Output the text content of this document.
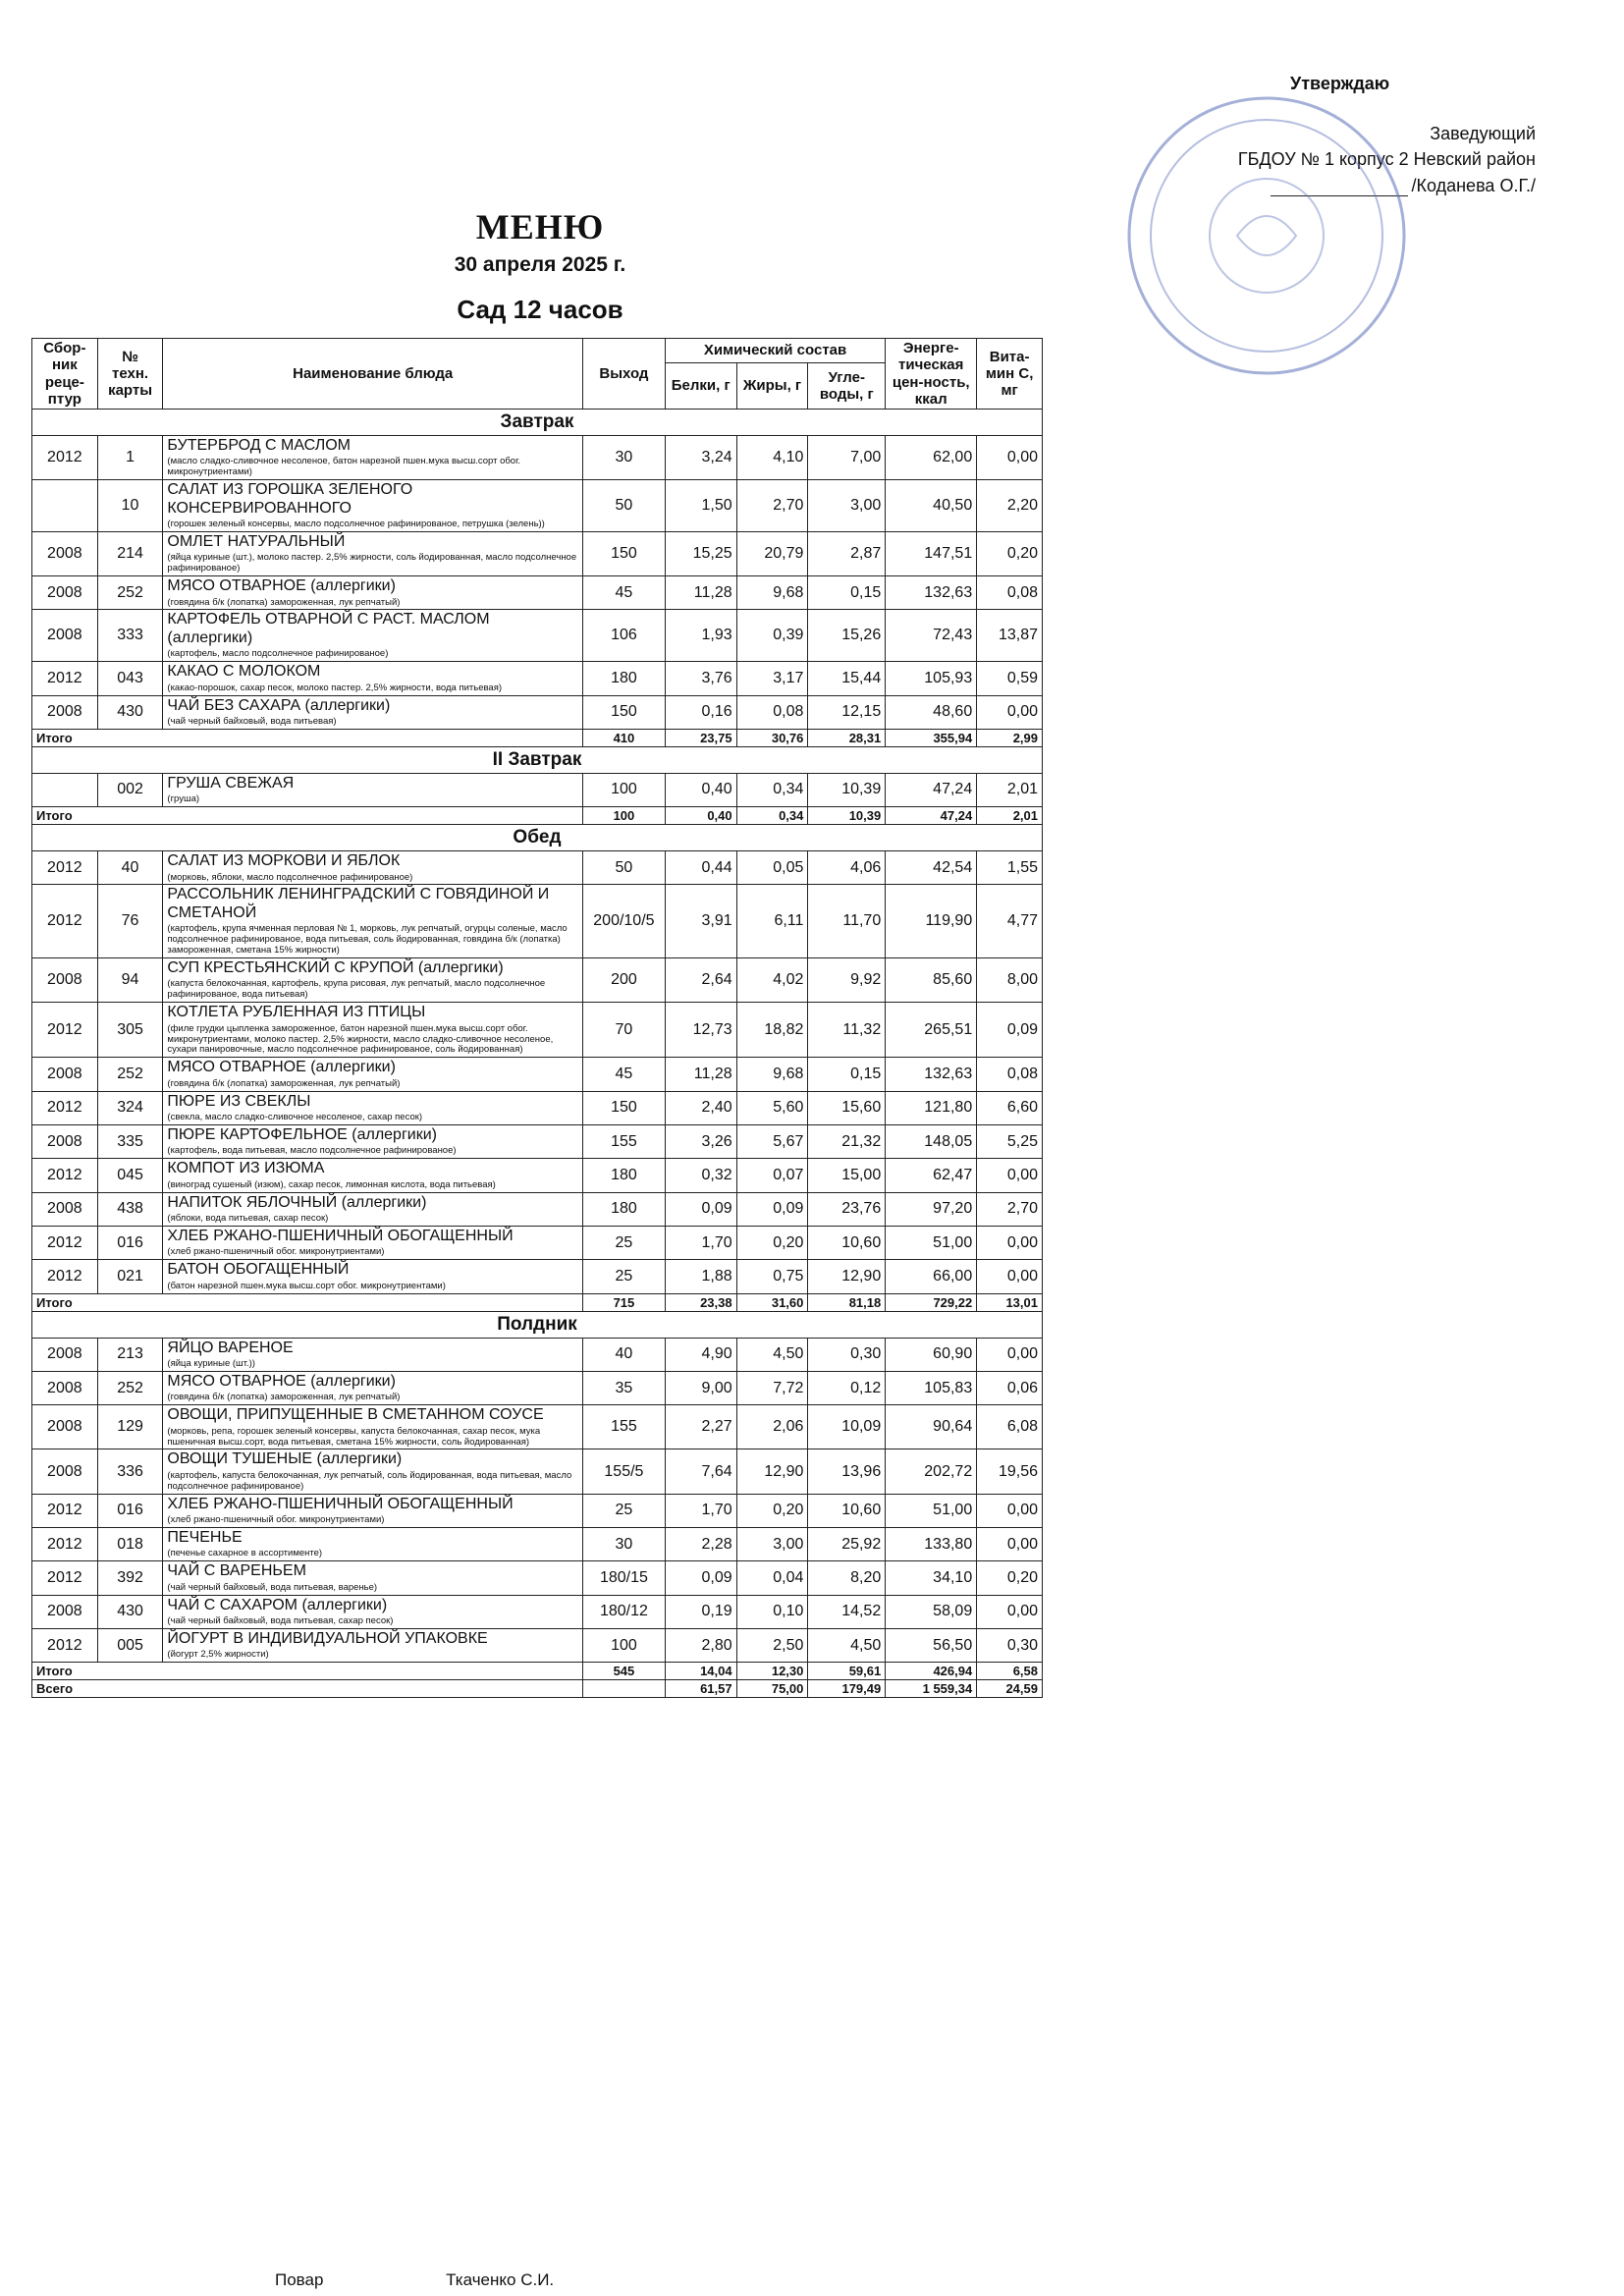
Утверждаю
Заведующий
ГБДОУ № 1 корпус 2 Невский район
/Коданева О.Г./
МЕНЮ
30 апреля 2025 г.
Сад 12 часов
Сбор-ник реце-птур	№ техн. карты	Наименование блюда	Выход	Химический состав			Энерге-тическая цен-ность, ккал	Вита-мин С, мг
				Белки, г	Жиры, г	Угле-воды, г		
Завтрак								
2012	1	БУТЕРБРОД С МАСЛОМ
(масло сладко-сливочное несоленое, батон нарезной пшен.мука высш.сорт обог. микронутриентами)	30	3,24	4,10	7,00	62,00	0,00
	10	САЛАТ ИЗ ГОРОШКА ЗЕЛЕНОГО КОНСЕРВИРОВАННОГО
(горошек зеленый консервы, масло подсолнечное рафинированое, петрушка (зелень))	50	1,50	2,70	3,00	40,50	2,20
2008	214	ОМЛЕТ НАТУРАЛЬНЫЙ
(яйца куриные (шт.), молоко пастер. 2,5% жирности, соль йодированная, масло подсолнечное рафинированое)	150	15,25	20,79	2,87	147,51	0,20
2008	252	МЯСО ОТВАРНОЕ (аллергики)
(говядина б/к (лопатка) замороженная, лук репчатый)	45	11,28	9,68	0,15	132,63	0,08
2008	333	КАРТОФЕЛЬ ОТВАРНОЙ С РАСТ. МАСЛОМ (аллергики)
(картофель, масло подсолнечное рафинированое)	106	1,93	0,39	15,26	72,43	13,87
2012	043	КАКАО С МОЛОКОМ
(какао-порошок, сахар песок, молоко пастер. 2,5% жирности, вода питьевая)	180	3,76	3,17	15,44	105,93	0,59
2008	430	ЧАЙ БЕЗ САХАРА (аллергики)
(чай черный байховый, вода питьевая)	150	0,16	0,08	12,15	48,60	0,00
Итого			410	23,75	30,76	28,31	355,94	2,99
II Завтрак								
	002	ГРУША СВЕЖАЯ
(груша)	100	0,40	0,34	10,39	47,24	2,01
Итого			100	0,40	0,34	10,39	47,24	2,01
Обед								
2012	40	САЛАТ ИЗ МОРКОВИ И ЯБЛОК
(морковь, яблоки, масло подсолнечное рафинированое)	50	0,44	0,05	4,06	42,54	1,55
2012	76	РАССОЛЬНИК ЛЕНИНГРАДСКИЙ С ГОВЯДИНОЙ И СМЕТАНОЙ
(картофель, крупа ячменная перловая № 1, морковь, лук репчатый, огурцы соленые, масло подсолнечное рафинированое, вода питьевая, соль йодированная, говядина б/к (лопатка) замороженная, сметана 15% жирности)	200/10/5	3,91	6,11	11,70	119,90	4,77
2008	94	СУП КРЕСТЬЯНСКИЙ С КРУПОЙ (аллергики)
(капуста белокочанная, картофель, крупа рисовая, лук репчатый, масло подсолнечное рафинированое, вода питьевая)	200	2,64	4,02	9,92	85,60	8,00
2012	305	КОТЛЕТА РУБЛЕННАЯ ИЗ ПТИЦЫ
(филе грудки цыпленка замороженное, батон нарезной пшен.мука высш.сорт обог. микронутриентами, молоко пастер. 2,5% жирности, масло сладко-сливочное несоленое, сухари панировочные, масло подсолнечное рафинированое, соль йодированная)	70	12,73	18,82	11,32	265,51	0,09
2008	252	МЯСО ОТВАРНОЕ (аллергики)
(говядина б/к (лопатка) замороженная, лук репчатый)	45	11,28	9,68	0,15	132,63	0,08
2012	324	ПЮРЕ ИЗ СВЕКЛЫ
(свекла, масло сладко-сливочное несоленое, сахар песок)	150	2,40	5,60	15,60	121,80	6,60
2008	335	ПЮРЕ КАРТОФЕЛЬНОЕ (аллергики)
(картофель, вода питьевая, масло подсолнечное рафинированое)	155	3,26	5,67	21,32	148,05	5,25
2012	045	КОМПОТ ИЗ ИЗЮМА
(виноград сушеный (изюм), сахар песок, лимонная кислота, вода питьевая)	180	0,32	0,07	15,00	62,47	0,00
2008	438	НАПИТОК ЯБЛОЧНЫЙ (аллергики)
(яблоки, вода питьевая, сахар песок)	180	0,09	0,09	23,76	97,20	2,70
2012	016	ХЛЕБ РЖАНО-ПШЕНИЧНЫЙ ОБОГАЩЕННЫЙ
(хлеб ржано-пшеничный обог. микронутриентами)	25	1,70	0,20	10,60	51,00	0,00
2012	021	БАТОН ОБОГАЩЕННЫЙ
(батон нарезной пшен.мука высш.сорт обог. микронутриентами)	25	1,88	0,75	12,90	66,00	0,00
Итого			715	23,38	31,60	81,18	729,22	13,01
Полдник								
2008	213	ЯЙЦО ВАРЕНОЕ
(яйца куриные (шт.))	40	4,90	4,50	0,30	60,90	0,00
2008	252	МЯСО ОТВАРНОЕ (аллергики)
(говядина б/к (лопатка) замороженная, лук репчатый)	35	9,00	7,72	0,12	105,83	0,06
2008	129	ОВОЩИ, ПРИПУЩЕННЫЕ В СМЕТАННОМ СОУСЕ
(морковь, репа, горошек зеленый консервы, капуста белокочанная, сахар песок, мука пшеничная высш.сорт, вода питьевая, сметана 15% жирности, соль йодированная)	155	2,27	2,06	10,09	90,64	6,08
2008	336	ОВОЩИ ТУШЕНЫЕ (аллергики)
(картофель, капуста белокочанная, лук репчатый, соль йодированная, вода питьевая, масло подсолнечное рафинированое)	155/5	7,64	12,90	13,96	202,72	19,56
2012	016	ХЛЕБ РЖАНО-ПШЕНИЧНЫЙ ОБОГАЩЕННЫЙ
(хлеб ржано-пшеничный обог. микронутриентами)	25	1,70	0,20	10,60	51,00	0,00
2012	018	ПЕЧЕНЬЕ
(печенье сахарное в ассортименте)	30	2,28	3,00	25,92	133,80	0,00
2012	392	ЧАЙ С ВАРЕНЬЕМ
(чай черный байховый, вода питьевая, варенье)	180/15	0,09	0,04	8,20	34,10	0,20
2008	430	ЧАЙ С САХАРОМ (аллергики)
(чай черный байховый, вода питьевая, сахар песок)	180/12	0,19	0,10	14,52	58,09	0,00
2012	005	ЙОГУРТ В ИНДИВИДУАЛЬНОЙ УПАКОВКЕ
(йогурт 2,5% жирности)	100	2,80	2,50	4,50	56,50	0,30
Итого			545	14,04	12,30	59,61	426,94	6,58
Всего				61,57	75,00	179,49	1 559,34	24,59
Повар	Ткаченко С.И.
